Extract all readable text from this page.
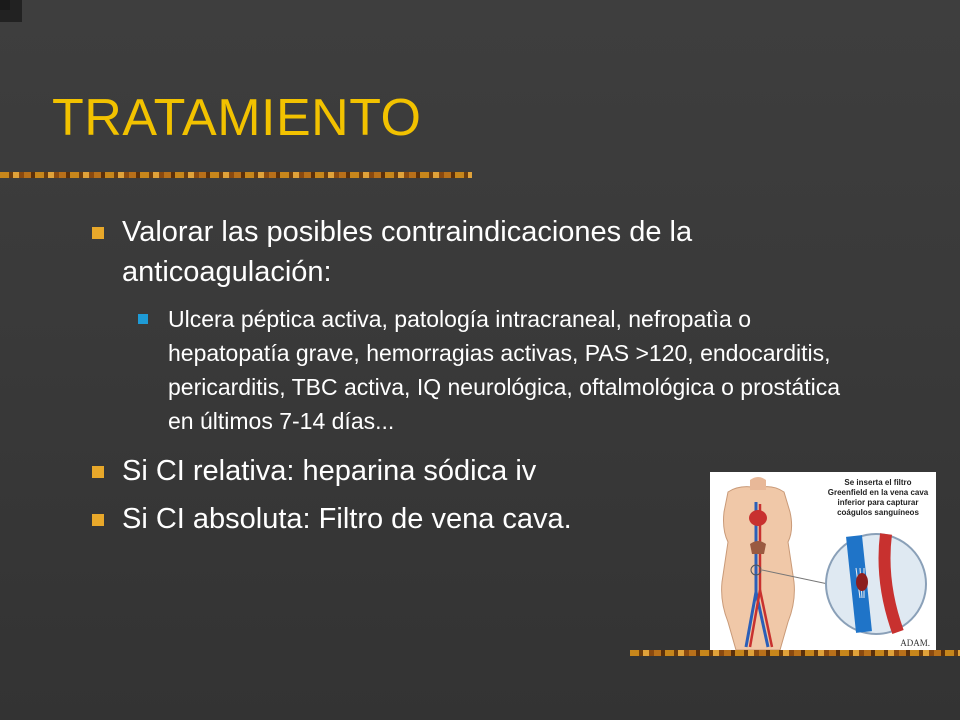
TRATAMIENTO
Valorar las posibles contraindicaciones de la anticoagulación:
Ulcera péptica activa, patología intracraneal, nefropatìa o hepatopatía grave, hemorragias activas, PAS >120, endocarditis, pericarditis, TBC activa, IQ neurológica, oftalmológica o prostática en últimos 7-14 días...
Si CI relativa: heparina sódica iv
Si CI absoluta: Filtro de vena cava.
Se inserta el filtro Greenfield en la vena cava inferior para capturar coágulos sanguíneos
ADAM.
